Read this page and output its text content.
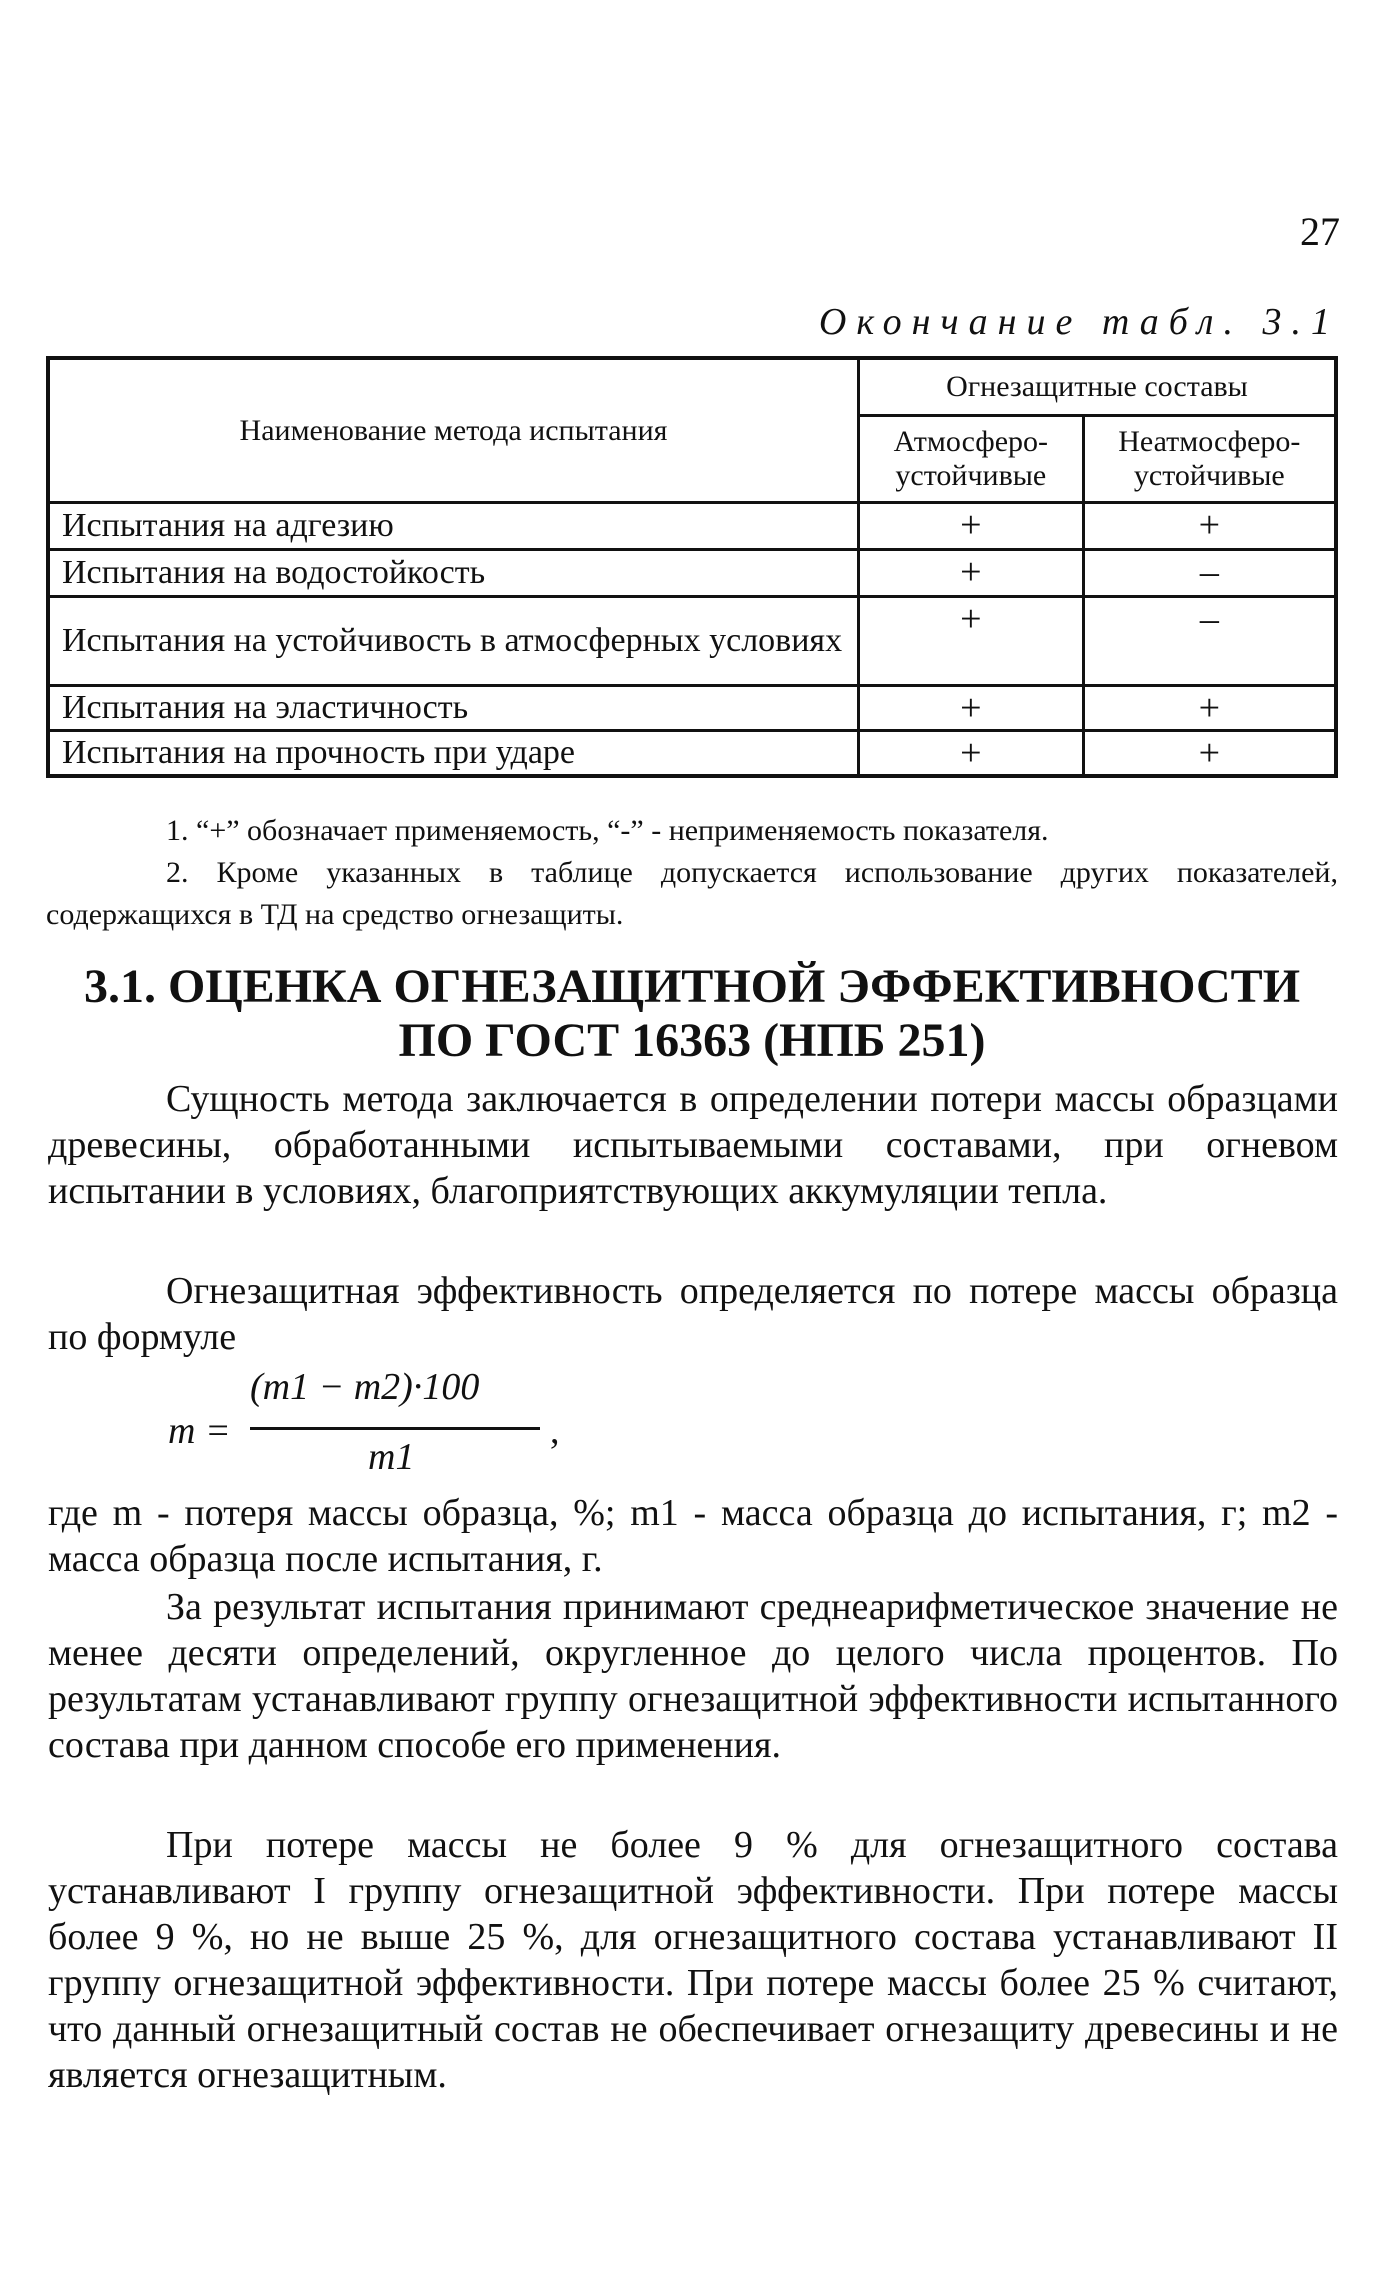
27
Окончание табл. 3.1
Наименование метода испытания	Огнезащитные составы	
	Атмосферо-устойчивые	Неатмосферо-устойчивые
Испытания на адгезию	+	+
Испытания на водостойкость	+	–
Испытания на устойчивость в атмосферных условиях	+	–
Испытания на эластичность	+	+
Испытания на прочность при ударе	+	+

1. “+” обозначает применяемость, “-” - неприменяемость показателя.

2. Кроме указанных в таблице допускается использование других показателей, содержащихся в ТД на средство огнезащиты.

3.1. ОЦЕНКА ОГНЕЗАЩИТНОЙ ЭФФЕКТИВНОСТИ
ПО ГОСТ 16363 (НПБ 251)

Сущность метода заключается в определении потери массы образцами древесины, обработанными испытываемыми составами, при огневом испытании в условиях, благоприятствующих аккумуляции тепла.

Огнезащитная эффективность определяется по потере массы образца по формуле

m =
(m1 − m2)·100
m1
,

где m - потеря массы образца, %; m1 - масса образца до испытания, г; m2 - масса образца после испытания, г.

За результат испытания принимают среднеарифметическое значение не менее десяти определений, округленное до целого числа процентов. По результатам устанавливают группу огнезащитной эффективности испытанного состава при данном способе его применения.

При потере массы не более 9 % для огнезащитного состава устанавливают I группу огнезащитной эффективности. При потере массы более 9 %, но не выше 25 %, для огнезащитного состава устанавливают II группу огнезащитной эффективности. При потере массы более 25 % считают, что данный огнезащитный состав не обеспечивает огнезащиту древесины и не является огнезащитным.
